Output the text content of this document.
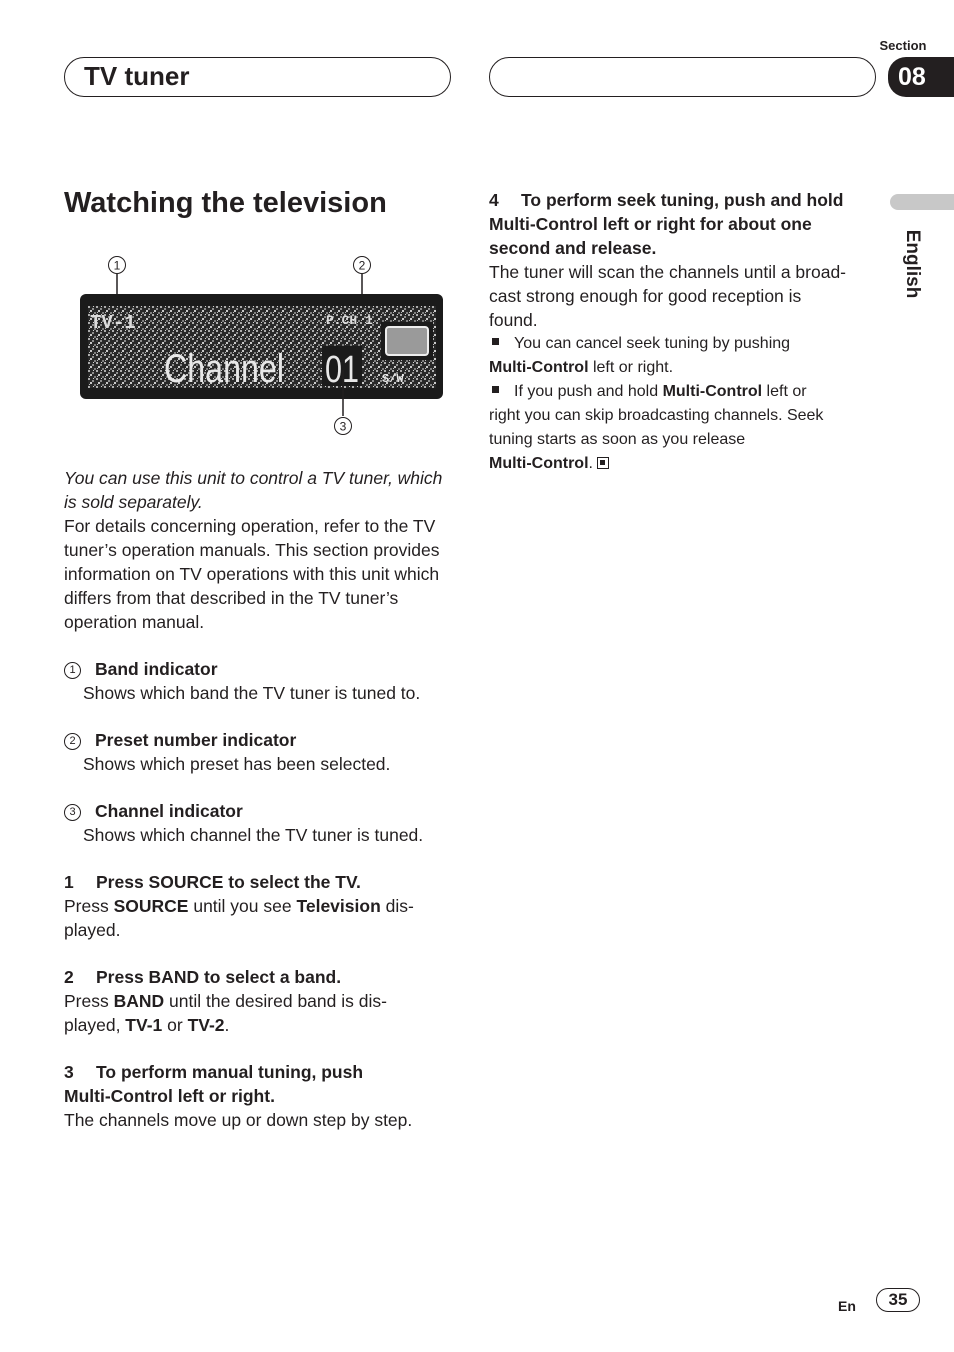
TV tuner
Section
08
English
Watching the television
1	2
TV-1	P.CH 1
Channel 01 S/W
3

You can use this unit to control a TV tuner, which is sold separately.

For details concerning operation, refer to the TV tuner’s operation manuals. This section provides information on TV operations with this unit which differs from that described in the TV tuner’s operation manual.

1 Band indicator

Shows which band the TV tuner is tuned to.

2 Preset number indicator

Shows which preset has been selected.

3 Channel indicator

Shows which channel the TV tuner is tuned.

1 Press SOURCE to select the TV.

Press SOURCE until you see Television dis-
played.

2 Press BAND to select a band.

Press BAND until the desired band is dis-
played, TV-1 or TV-2.

3 To perform manual tuning, push
Multi-Control left or right.

The channels move up or down step by step.

4 To perform seek tuning, push and hold
Multi-Control left or right for about one
second and release.

The tuner will scan the channels until a broad-
cast strong enough for good reception is
found.

You can cancel seek tuning by pushing
Multi-Control left or right.

If you push and hold Multi-Control left or
right you can skip broadcasting channels. Seek
tuning starts as soon as you release
Multi-Control.

En	35
